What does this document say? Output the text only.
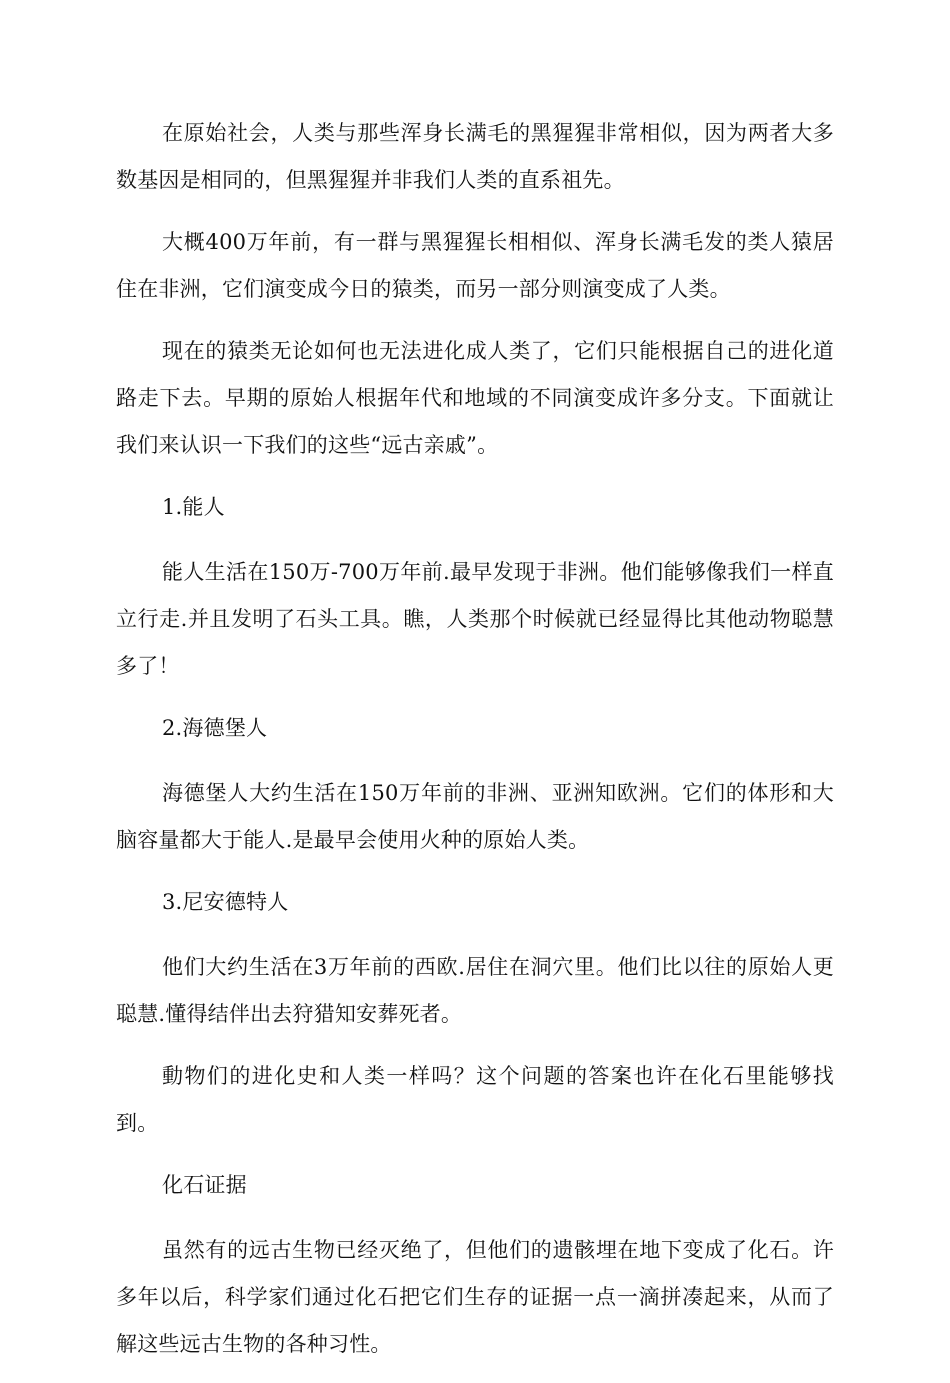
在原始社会，人类与那些浑身长满毛的黑猩猩非常相似，因为两者大多数基因是相同的，但黑猩猩并非我们人类的直系祖先。

大概400万年前，有一群与黑猩猩长相相似、浑身长满毛发的类人猿居住在非洲，它们演变成今日的猿类，而另一部分则演变成了人类。

现在的猿类无论如何也无法进化成人类了，它们只能根据自己的进化道路走下去。早期的原始人根据年代和地域的不同演变成许多分支。下面就让我们来认识一下我们的这些“远古亲戚”。

1.能人

能人生活在150万-700万年前.最早发现于非洲。他们能够像我们一样直立行走.并且发明了石头工具。瞧，人类那个时候就已经显得比其他动物聪慧多了！

2.海德堡人

海德堡人大约生活在150万年前的非洲、亚洲知欧洲。它们的体形和大脑容量都大于能人.是最早会使用火种的原始人类。

3.尼安德特人

他们大约生活在3万年前的西欧.居住在洞穴里。他们比以往的原始人更聪慧.懂得结伴出去狩猎知安葬死者。

動物们的进化史和人类一样吗？这个问题的答案也许在化石里能够找到。

化石证据

虽然有的远古生物已经灭绝了，但他们的遗骸埋在地下变成了化石。许多年以后，科学家们通过化石把它们生存的证据一点一滴拼凑起来，从而了解这些远古生物的各种习性。
